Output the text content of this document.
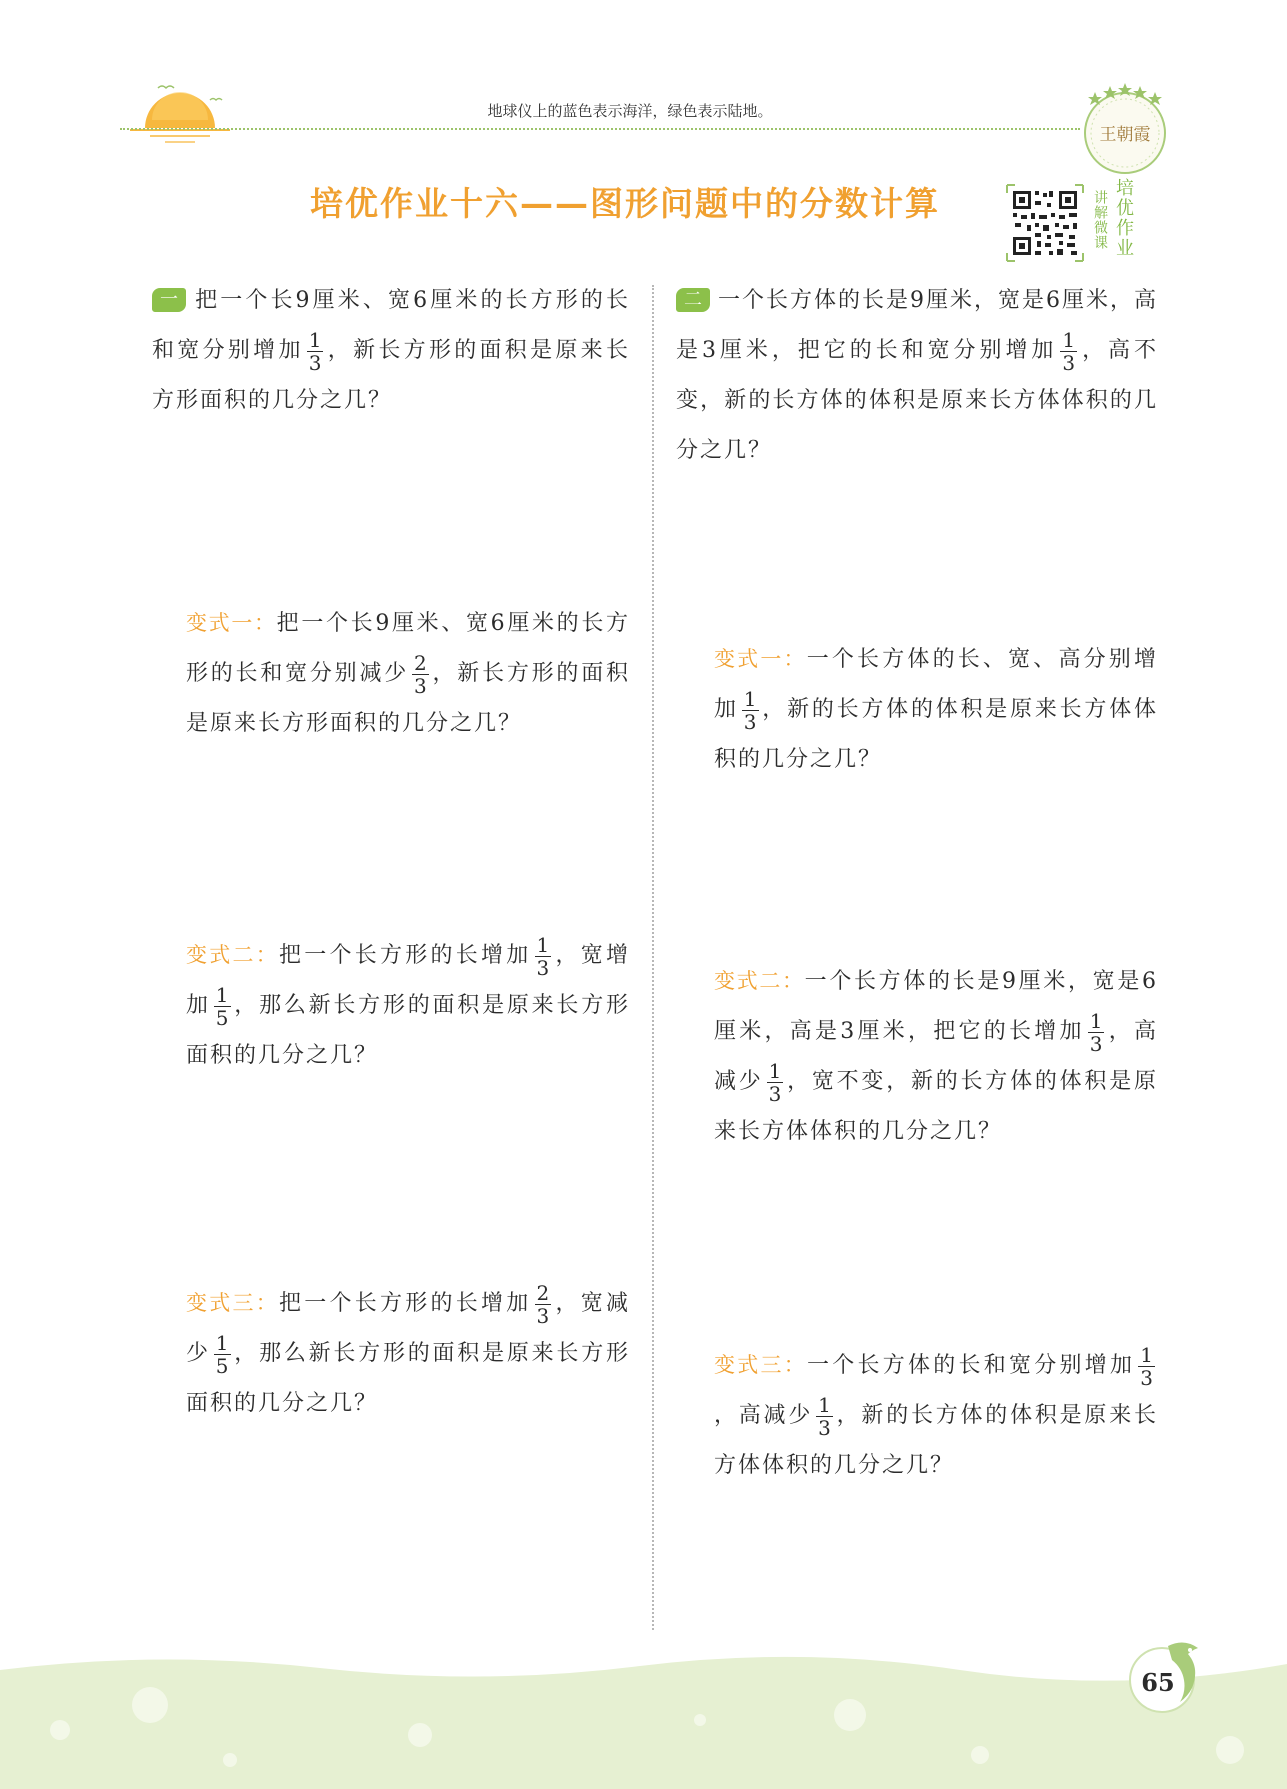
地球仪上的蓝色表示海洋，绿色表示陆地。
王朝霞
培优作业十六——图形问题中的分数计算	讲解微课 培优作业
一 把一个长9厘米、宽6厘米的长方形的长和宽分别增加 $\frac{1}{3}$ ，新长方形的面积是原来长方形面积的几分之几？
变式一：把一个长9厘米、宽6厘米的长方形的长和宽分别减少 $\frac{2}{3}$ ，新长方形的面积是原来长方形面积的几分之几？
变式二：把一个长方形的长增加 $\frac{1}{3}$ ，宽增加 $\frac{1}{5}$ ，那么新长方形的面积是原来长方形面积的几分之几？
变式三：把一个长方形的长增加 $\frac{2}{3}$ ，宽减少 $\frac{1}{5}$ ，那么新长方形的面积是原来长方形面积的几分之几？
二 一个长方体的长是9厘米，宽是6厘米，高是3厘米，把它的长和宽分别增加 $\frac{1}{3}$ ，高不变，新的长方体的体积是原来长方体体积的几分之几？
变式一：一个长方体的长、宽、高分别增加 $\frac{1}{3}$ ，新的长方体的体积是原来长方体体积的几分之几？
变式二：一个长方体的长是9厘米，宽是6厘米，高是3厘米，把它的长增加 $\frac{1}{3}$ ，高减少 $\frac{1}{3}$ ，宽不变，新的长方体的体积是原来长方体体积的几分之几？
变式三：一个长方体的长和宽分别增加 $\frac{1}{3}$
，高减少 $\frac{1}{3}$ ，新的长方体的体积是原来长方体体积的几分之几？
65
